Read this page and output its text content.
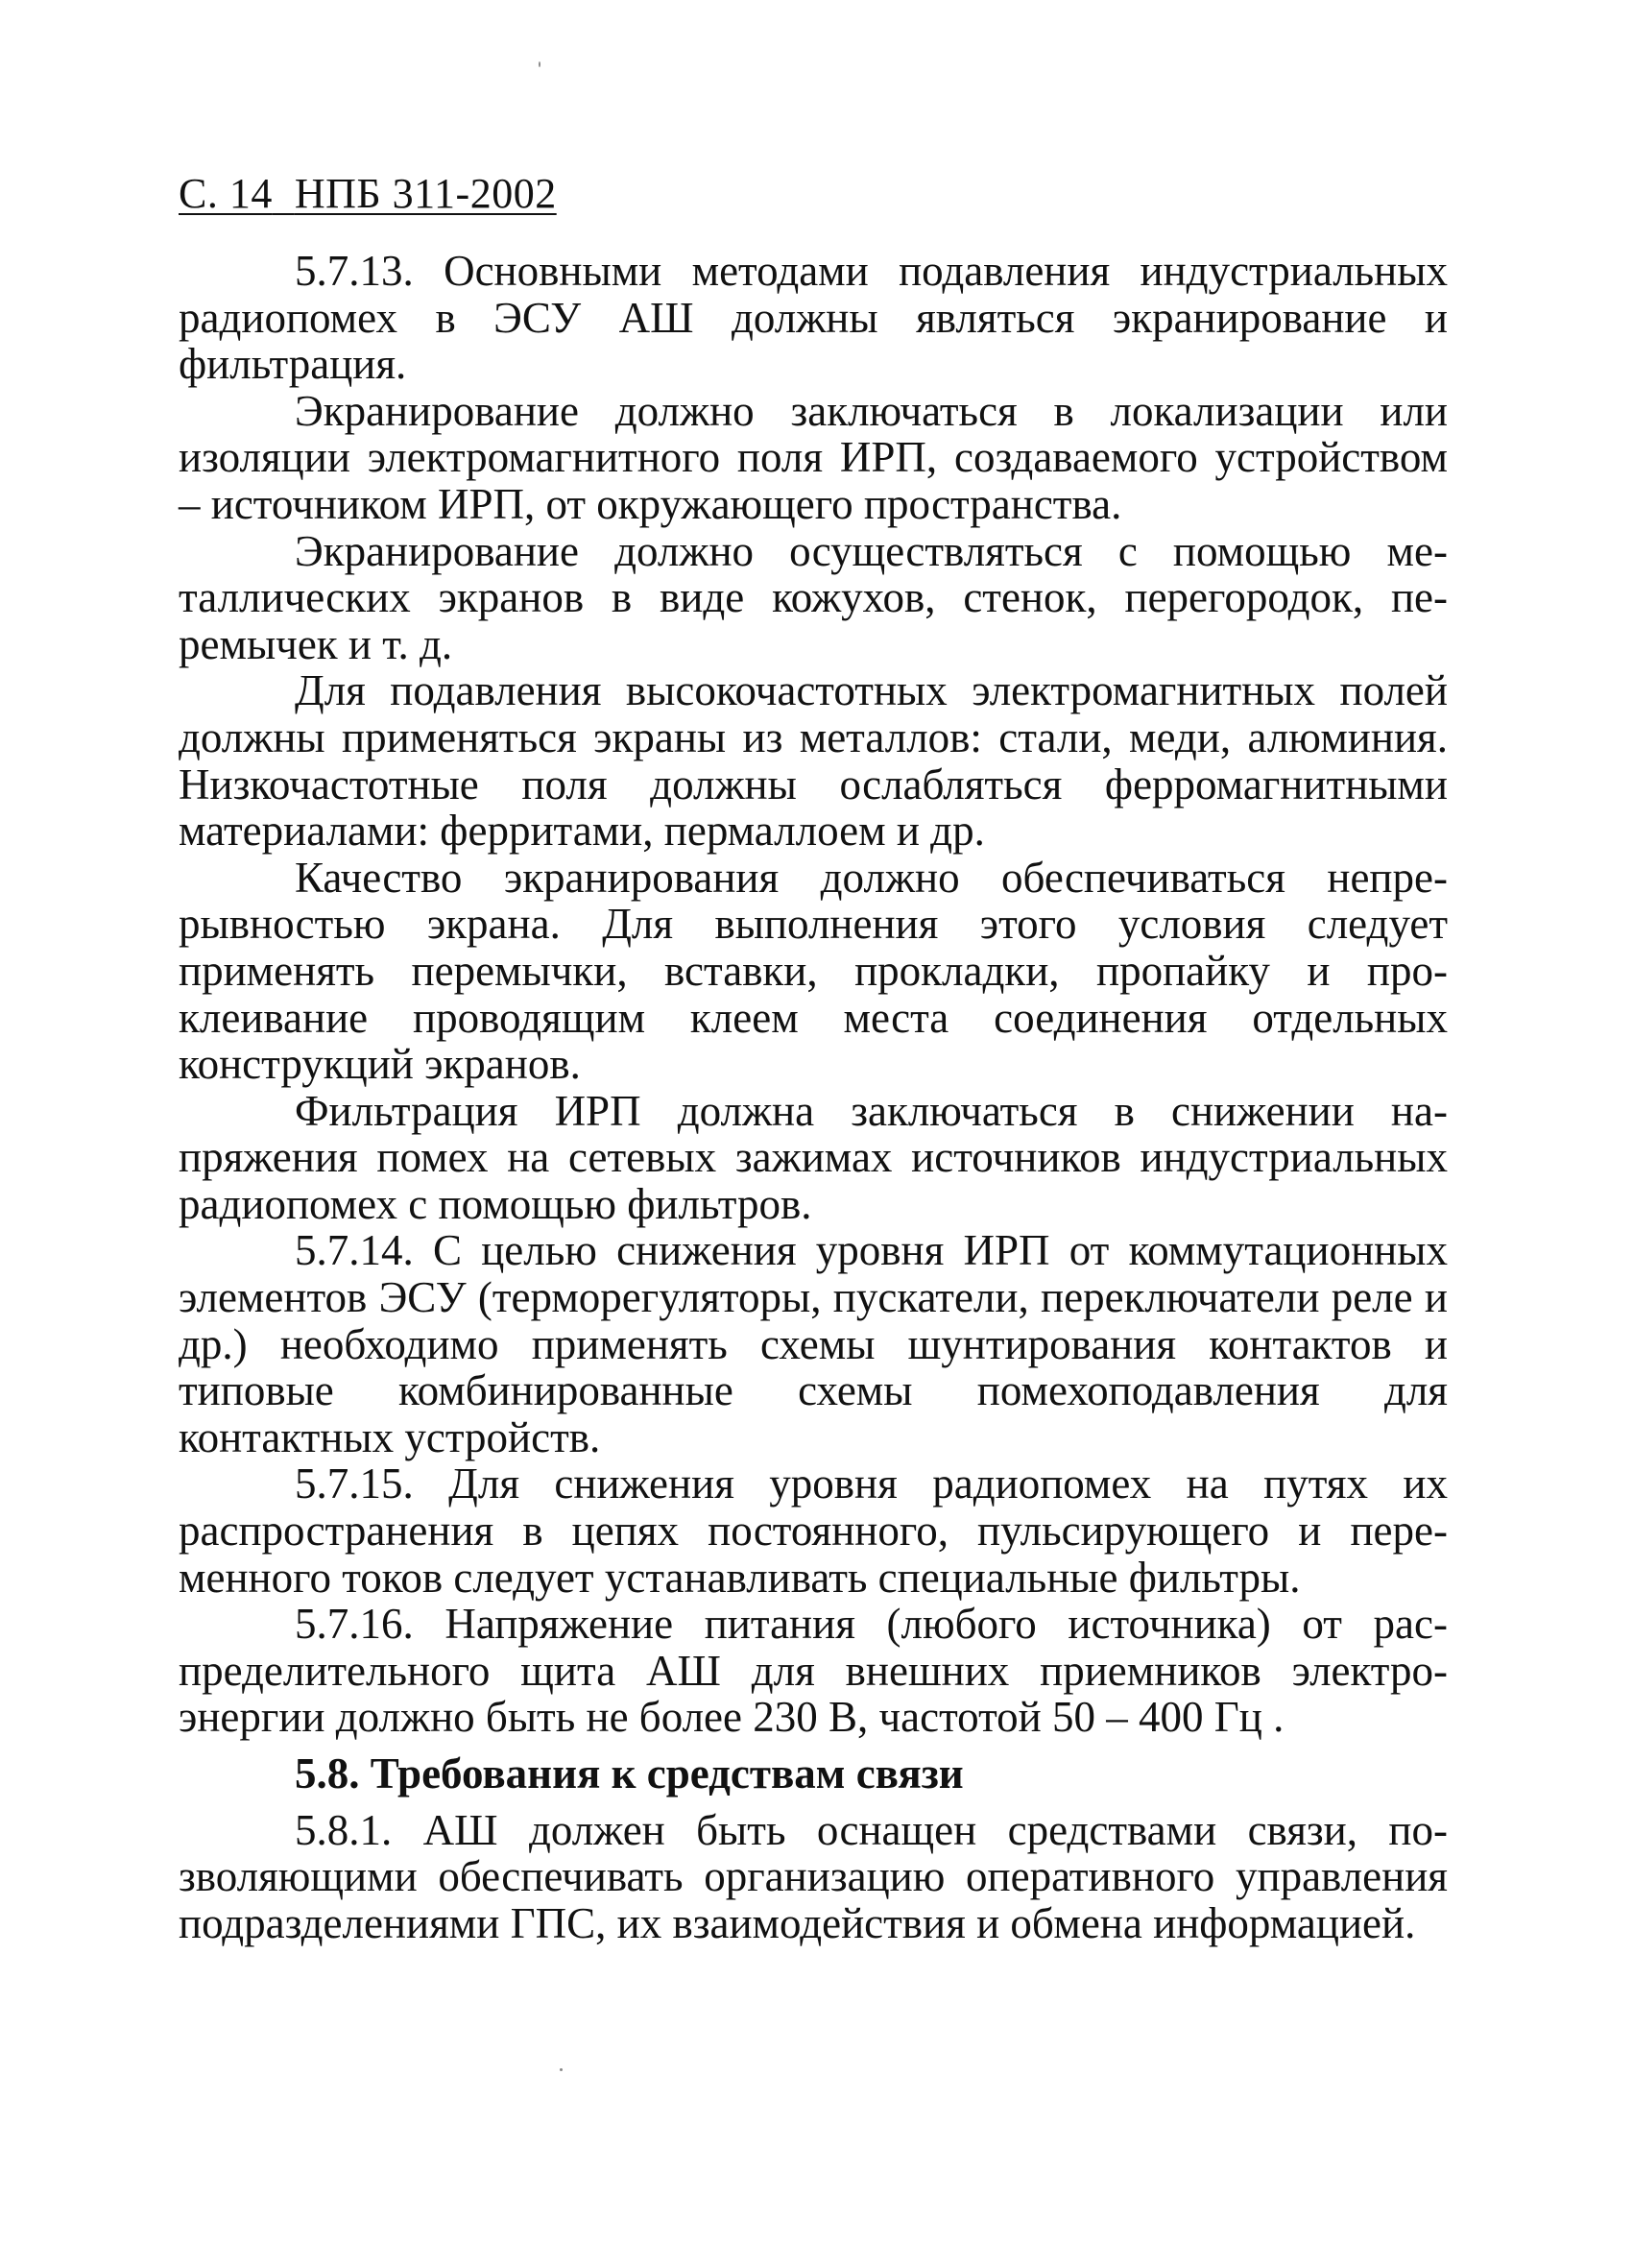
С. 14 НПБ 311-2002

5.7.13. Основными методами подавления индустриальных радиопомех в ЭСУ АШ должны являться экранирование и фильтрация.

Экранирование должно заключаться в локализации или изоляции электромагнитного поля ИРП, создаваемого устройством – источником ИРП, от окружающего пространства.

Экранирование должно осуществляться с помощью металлических экранов в виде кожухов, стенок, перегородок, перемычек и т. д.

Для подавления высокочастотных электромагнитных полей должны применяться экраны из металлов: стали, меди, алюминия. Низкочастотные поля должны ослабляться ферромагнитными материалами: ферритами, пермаллоем и др.

Качество экранирования должно обеспечиваться непрерывностью экрана. Для выполнения этого условия следует применять перемычки, вставки, прокладки, пропайку и проклеивание проводящим клеем места соединения отдельных конструкций экранов.

Фильтрация ИРП должна заключаться в снижении напряжения помех на сетевых зажимах источников индустриальных радиопомех с помощью фильтров.

5.7.14. С целью снижения уровня ИРП от коммутационных элементов ЭСУ (терморегуляторы, пускатели, переключатели реле и др.) необходимо применять схемы шунтирования контактов и типовые комбинированные схемы помехоподавления для контактных устройств.

5.7.15. Для снижения уровня радиопомех на путях их распространения в цепях постоянного, пульсирующего и переменного токов следует устанавливать специальные фильтры.

5.7.16. Напряжение питания (любого источника) от распределительного щита АШ для внешних приемников электроэнергии должно быть не более 230 В, частотой 50 – 400 Гц .

5.8. Требования к средствам связи

5.8.1. АШ должен быть оснащен средствами связи, позволяющими обеспечивать организацию оперативного управления подразделениями ГПС, их взаимодействия и обмена информацией.
